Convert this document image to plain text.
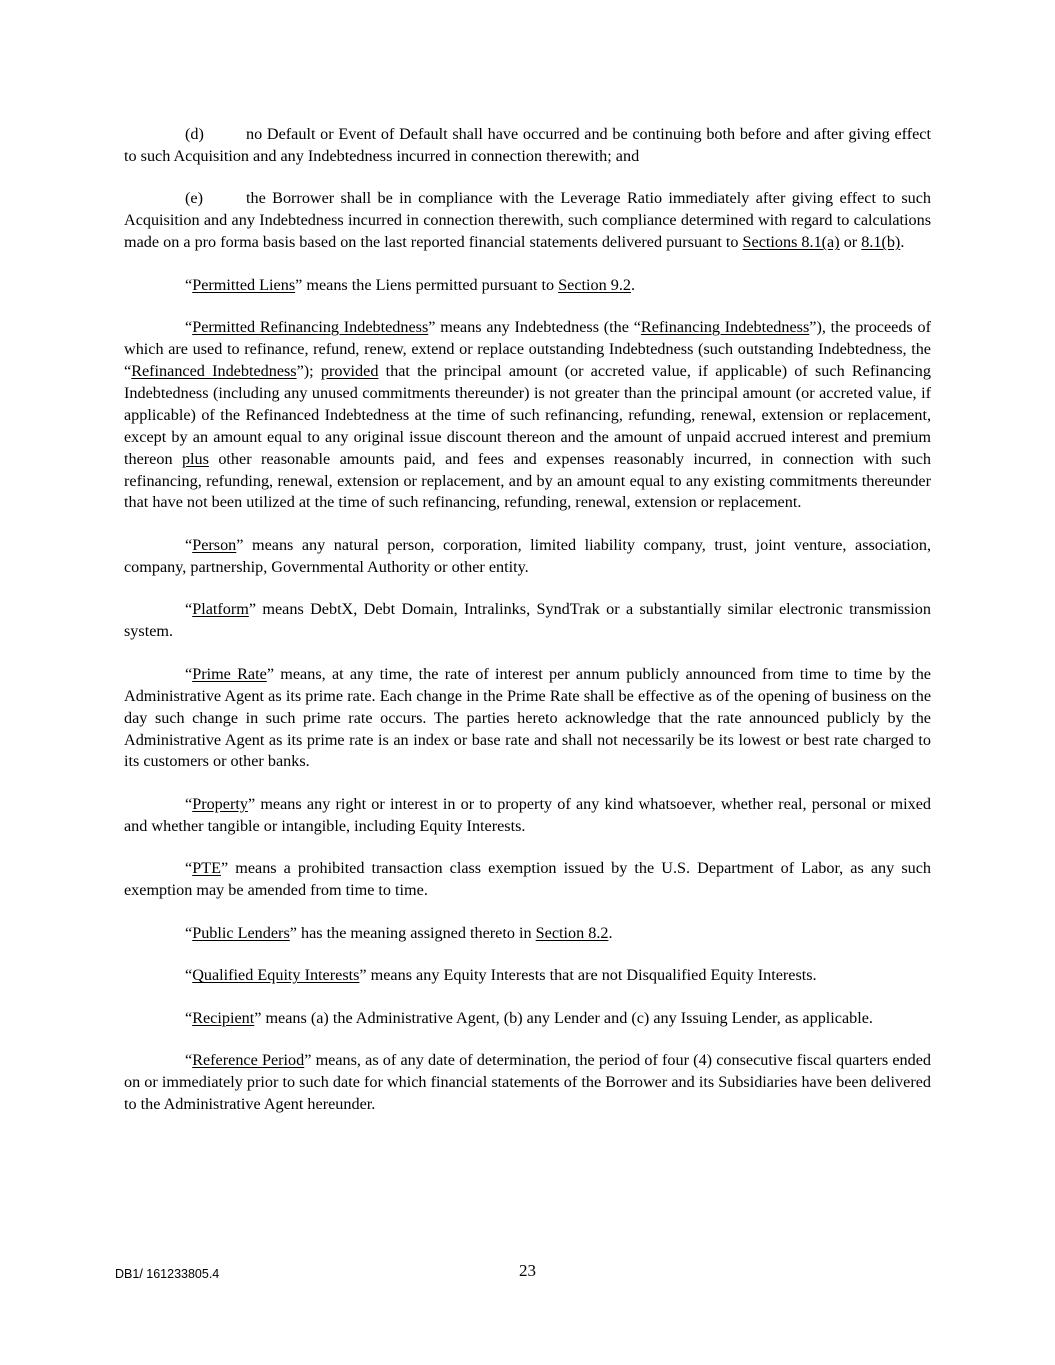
(d)	no Default or Event of Default shall have occurred and be continuing both before and after giving effect to such Acquisition and any Indebtedness incurred in connection therewith; and

(e)	the Borrower shall be in compliance with the Leverage Ratio immediately after giving effect to such Acquisition and any Indebtedness incurred in connection therewith, such compliance determined with regard to calculations made on a pro forma basis based on the last reported financial statements delivered pursuant to Sections 8.1(a) or 8.1(b).

“Permitted Liens” means the Liens permitted pursuant to Section 9.2.

“Permitted Refinancing Indebtedness” means any Indebtedness (the “Refinancing Indebtedness”), the proceeds of which are used to refinance, refund, renew, extend or replace outstanding Indebtedness (such outstanding Indebtedness, the “Refinanced Indebtedness”); provided that the principal amount (or accreted value, if applicable) of such Refinancing Indebtedness (including any unused commitments thereunder) is not greater than the principal amount (or accreted value, if applicable) of the Refinanced Indebtedness at the time of such refinancing, refunding, renewal, extension or replacement, except by an amount equal to any original issue discount thereon and the amount of unpaid accrued interest and premium thereon plus other reasonable amounts paid, and fees and expenses reasonably incurred, in connection with such refinancing, refunding, renewal, extension or replacement, and by an amount equal to any existing commitments thereunder that have not been utilized at the time of such refinancing, refunding, renewal, extension or replacement.

“Person” means any natural person, corporation, limited liability company, trust, joint venture, association, company, partnership, Governmental Authority or other entity.

“Platform” means DebtX, Debt Domain, Intralinks, SyndTrak or a substantially similar electronic transmission system.

“Prime Rate” means, at any time, the rate of interest per annum publicly announced from time to time by the Administrative Agent as its prime rate. Each change in the Prime Rate shall be effective as of the opening of business on the day such change in such prime rate occurs. The parties hereto acknowledge that the rate announced publicly by the Administrative Agent as its prime rate is an index or base rate and shall not necessarily be its lowest or best rate charged to its customers or other banks.

“Property” means any right or interest in or to property of any kind whatsoever, whether real, personal or mixed and whether tangible or intangible, including Equity Interests.

“PTE” means a prohibited transaction class exemption issued by the U.S. Department of Labor, as any such exemption may be amended from time to time.

“Public Lenders” has the meaning assigned thereto in Section 8.2.

“Qualified Equity Interests” means any Equity Interests that are not Disqualified Equity Interests.

“Recipient” means (a) the Administrative Agent, (b) any Lender and (c) any Issuing Lender, as applicable.

“Reference Period” means, as of any date of determination, the period of four (4) consecutive fiscal quarters ended on or immediately prior to such date for which financial statements of the Borrower and its Subsidiaries have been delivered to the Administrative Agent hereunder.

DB1/ 161233805.4	23
